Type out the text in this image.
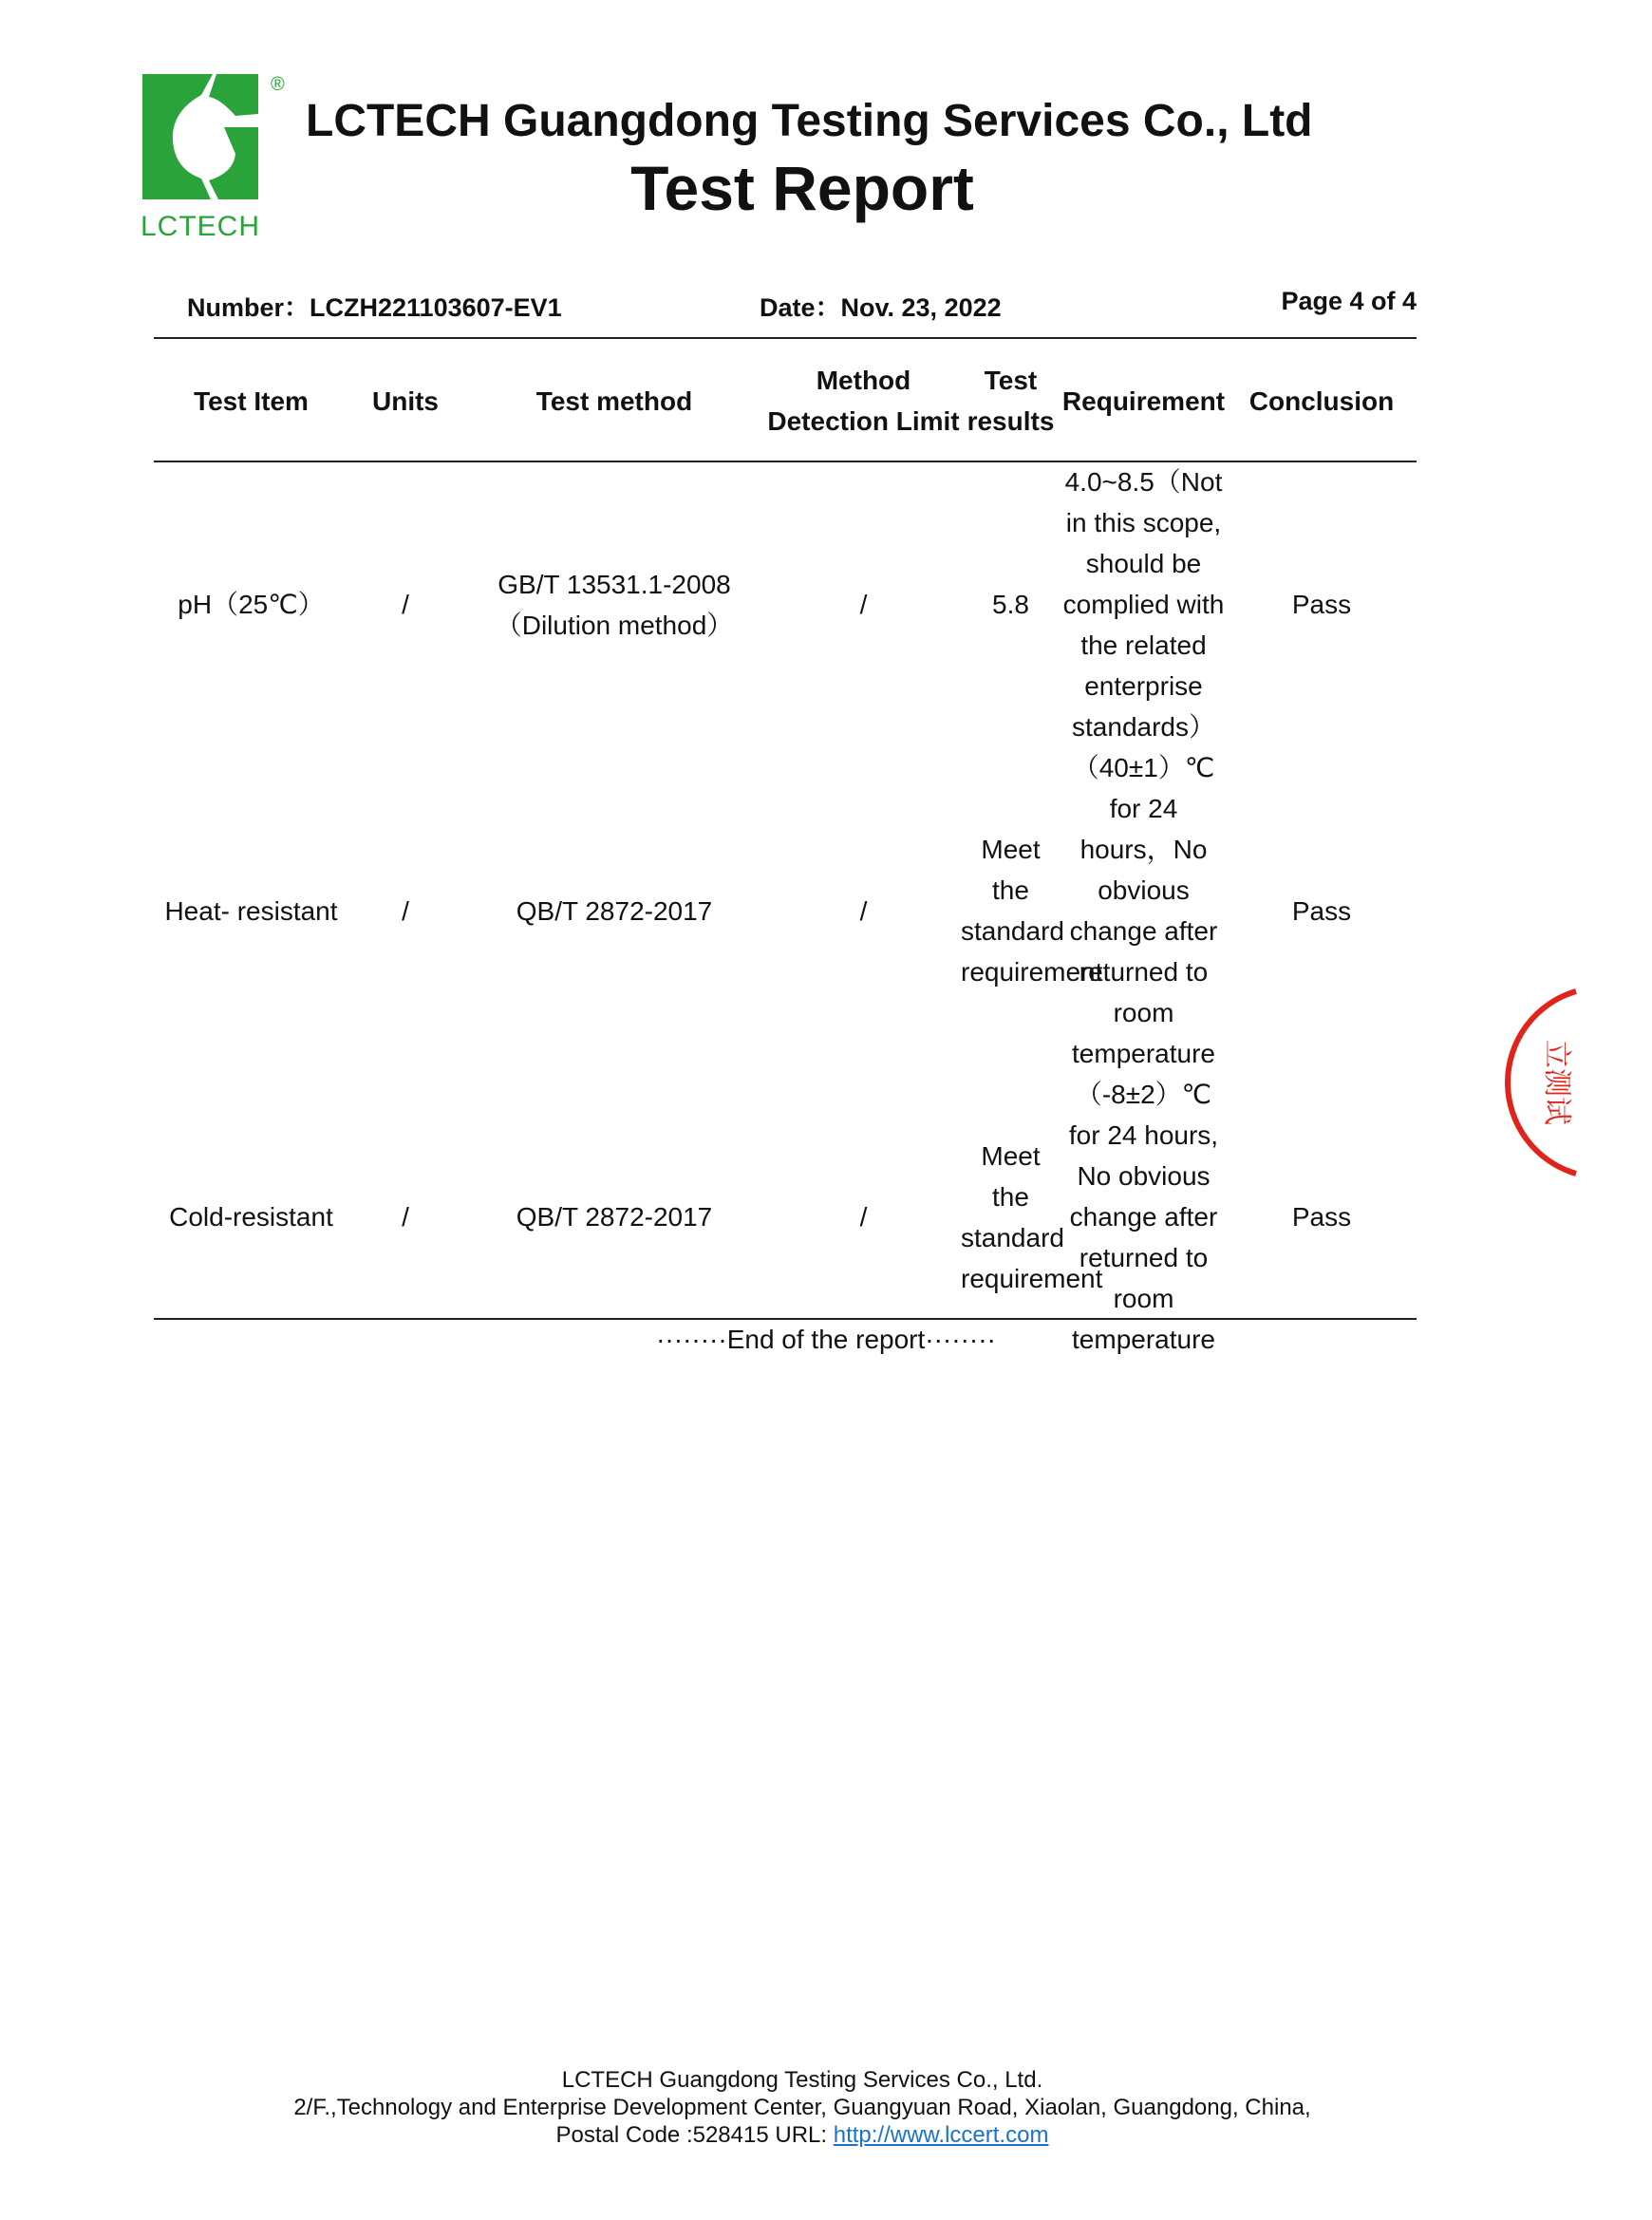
®
LCTECH
LCTECH Guangdong Testing Services Co., Ltd
Test Report
Number：LCZH221103607-EV1	Date：Nov. 23, 2022	Page 4 of 4
Test Item	Units	Test method	Method Detection Limit	Test results	Requirement	Conclusion
pH（25℃）	/	GB/T 13531.1-2008（Dilution method）	/	5.8	4.0~8.5（Not in this scope, should be complied with the related enterprise standards）	Pass
Heat- resistant	/	QB/T 2872-2017	/	Meet the standard requirement	（40±1）℃ for 24 hours，No obvious change after returned to room temperature	Pass
Cold-resistant	/	QB/T 2872-2017	/	Meet the standard requirement	（-8±2）℃ for 24 hours, No obvious change after returned to room temperature	Pass
········End of the report········
立测试
LCTECH Guangdong Testing Services Co., Ltd.
2/F.,Technology and Enterprise Development Center, Guangyuan Road, Xiaolan, Guangdong, China,
Postal Code :528415 URL: http://www.lccert.com
